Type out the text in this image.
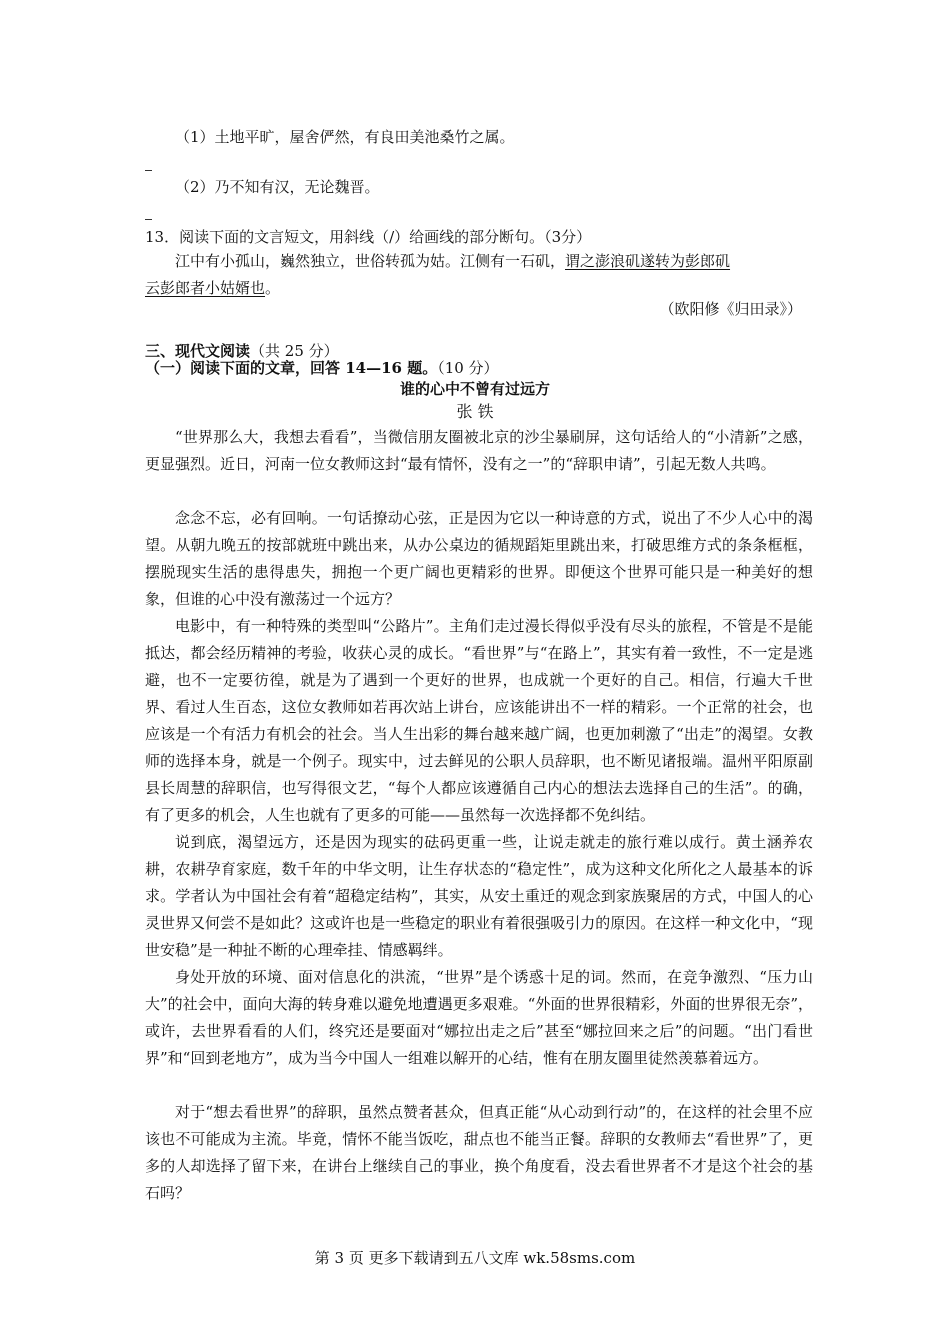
（1）土地平旷，屋舍俨然，有良田美池桑竹之属。
（2）乃不知有汉，无论魏晋。
13．阅读下面的文言短文，用斜线（/）给画线的部分断句。（3分）
江中有小孤山，巍然独立，世俗转孤为姑。江侧有一石矶，谓之澎浪矶遂转为彭郎矶
云彭郎者小姑婿也。
（欧阳修《归田录》）
三、现代文阅读（共 25 分）
（一）阅读下面的文章，回答 14—16 题。（10 分）
谁的心中不曾有过远方
张 铁
“世界那么大，我想去看看”，当微信朋友圈被北京的沙尘暴刷屏，这句话给人的“小清新”之感，更显强烈。近日，河南一位女教师这封“最有情怀，没有之一”的“辞职申请”，引起无数人共鸣。
念念不忘，必有回响。一句话撩动心弦，正是因为它以一种诗意的方式，说出了不少人心中的渴望。从朝九晚五的按部就班中跳出来，从办公桌边的循规蹈矩里跳出来，打破思维方式的条条框框，摆脱现实生活的患得患失，拥抱一个更广阔也更精彩的世界。即便这个世界可能只是一种美好的想象，但谁的心中没有激荡过一个远方？
电影中，有一种特殊的类型叫“公路片”。主角们走过漫长得似乎没有尽头的旅程，不管是不是能抵达，都会经历精神的考验，收获心灵的成长。“看世界”与“在路上”，其实有着一致性，不一定是逃避，也不一定要彷徨，就是为了遇到一个更好的世界，也成就一个更好的自己。相信，行遍大千世界、看过人生百态，这位女教师如若再次站上讲台，应该能讲出不一样的精彩。一个正常的社会，也应该是一个有活力有机会的社会。当人生出彩的舞台越来越广阔，也更加刺激了“出走”的渴望。女教师的选择本身，就是一个例子。现实中，过去鲜见的公职人员辞职，也不断见诸报端。温州平阳原副县长周慧的辞职信，也写得很文艺，“每个人都应该遵循自己内心的想法去选择自己的生活”。的确，有了更多的机会，人生也就有了更多的可能——虽然每一次选择都不免纠结。
说到底，渴望远方，还是因为现实的砝码更重一些，让说走就走的旅行难以成行。黄土涵养农耕，农耕孕育家庭，数千年的中华文明，让生存状态的“稳定性”，成为这种文化所化之人最基本的诉求。学者认为中国社会有着“超稳定结构”，其实，从安土重迁的观念到家族聚居的方式，中国人的心灵世界又何尝不是如此？这或许也是一些稳定的职业有着很强吸引力的原因。在这样一种文化中，“现世安稳”是一种扯不断的心理牵挂、情感羁绊。
身处开放的环境、面对信息化的洪流，“世界”是个诱惑十足的词。然而，在竞争激烈、“压力山大”的社会中，面向大海的转身难以避免地遭遇更多艰难。“外面的世界很精彩，外面的世界很无奈”，或许，去世界看看的人们，终究还是要面对“娜拉出走之后”甚至“娜拉回来之后”的问题。“出门看世界”和“回到老地方”，成为当今中国人一组难以解开的心结，惟有在朋友圈里徒然羡慕着远方。
对于“想去看世界”的辞职，虽然点赞者甚众，但真正能“从心动到行动”的，在这样的社会里不应该也不可能成为主流。毕竟，情怀不能当饭吃，甜点也不能当正餐。辞职的女教师去“看世界”了，更多的人却选择了留下来，在讲台上继续自己的事业，换个角度看，没去看世界者不才是这个社会的基石吗？
第 3 页 更多下载请到五八文库 wk.58sms.com
